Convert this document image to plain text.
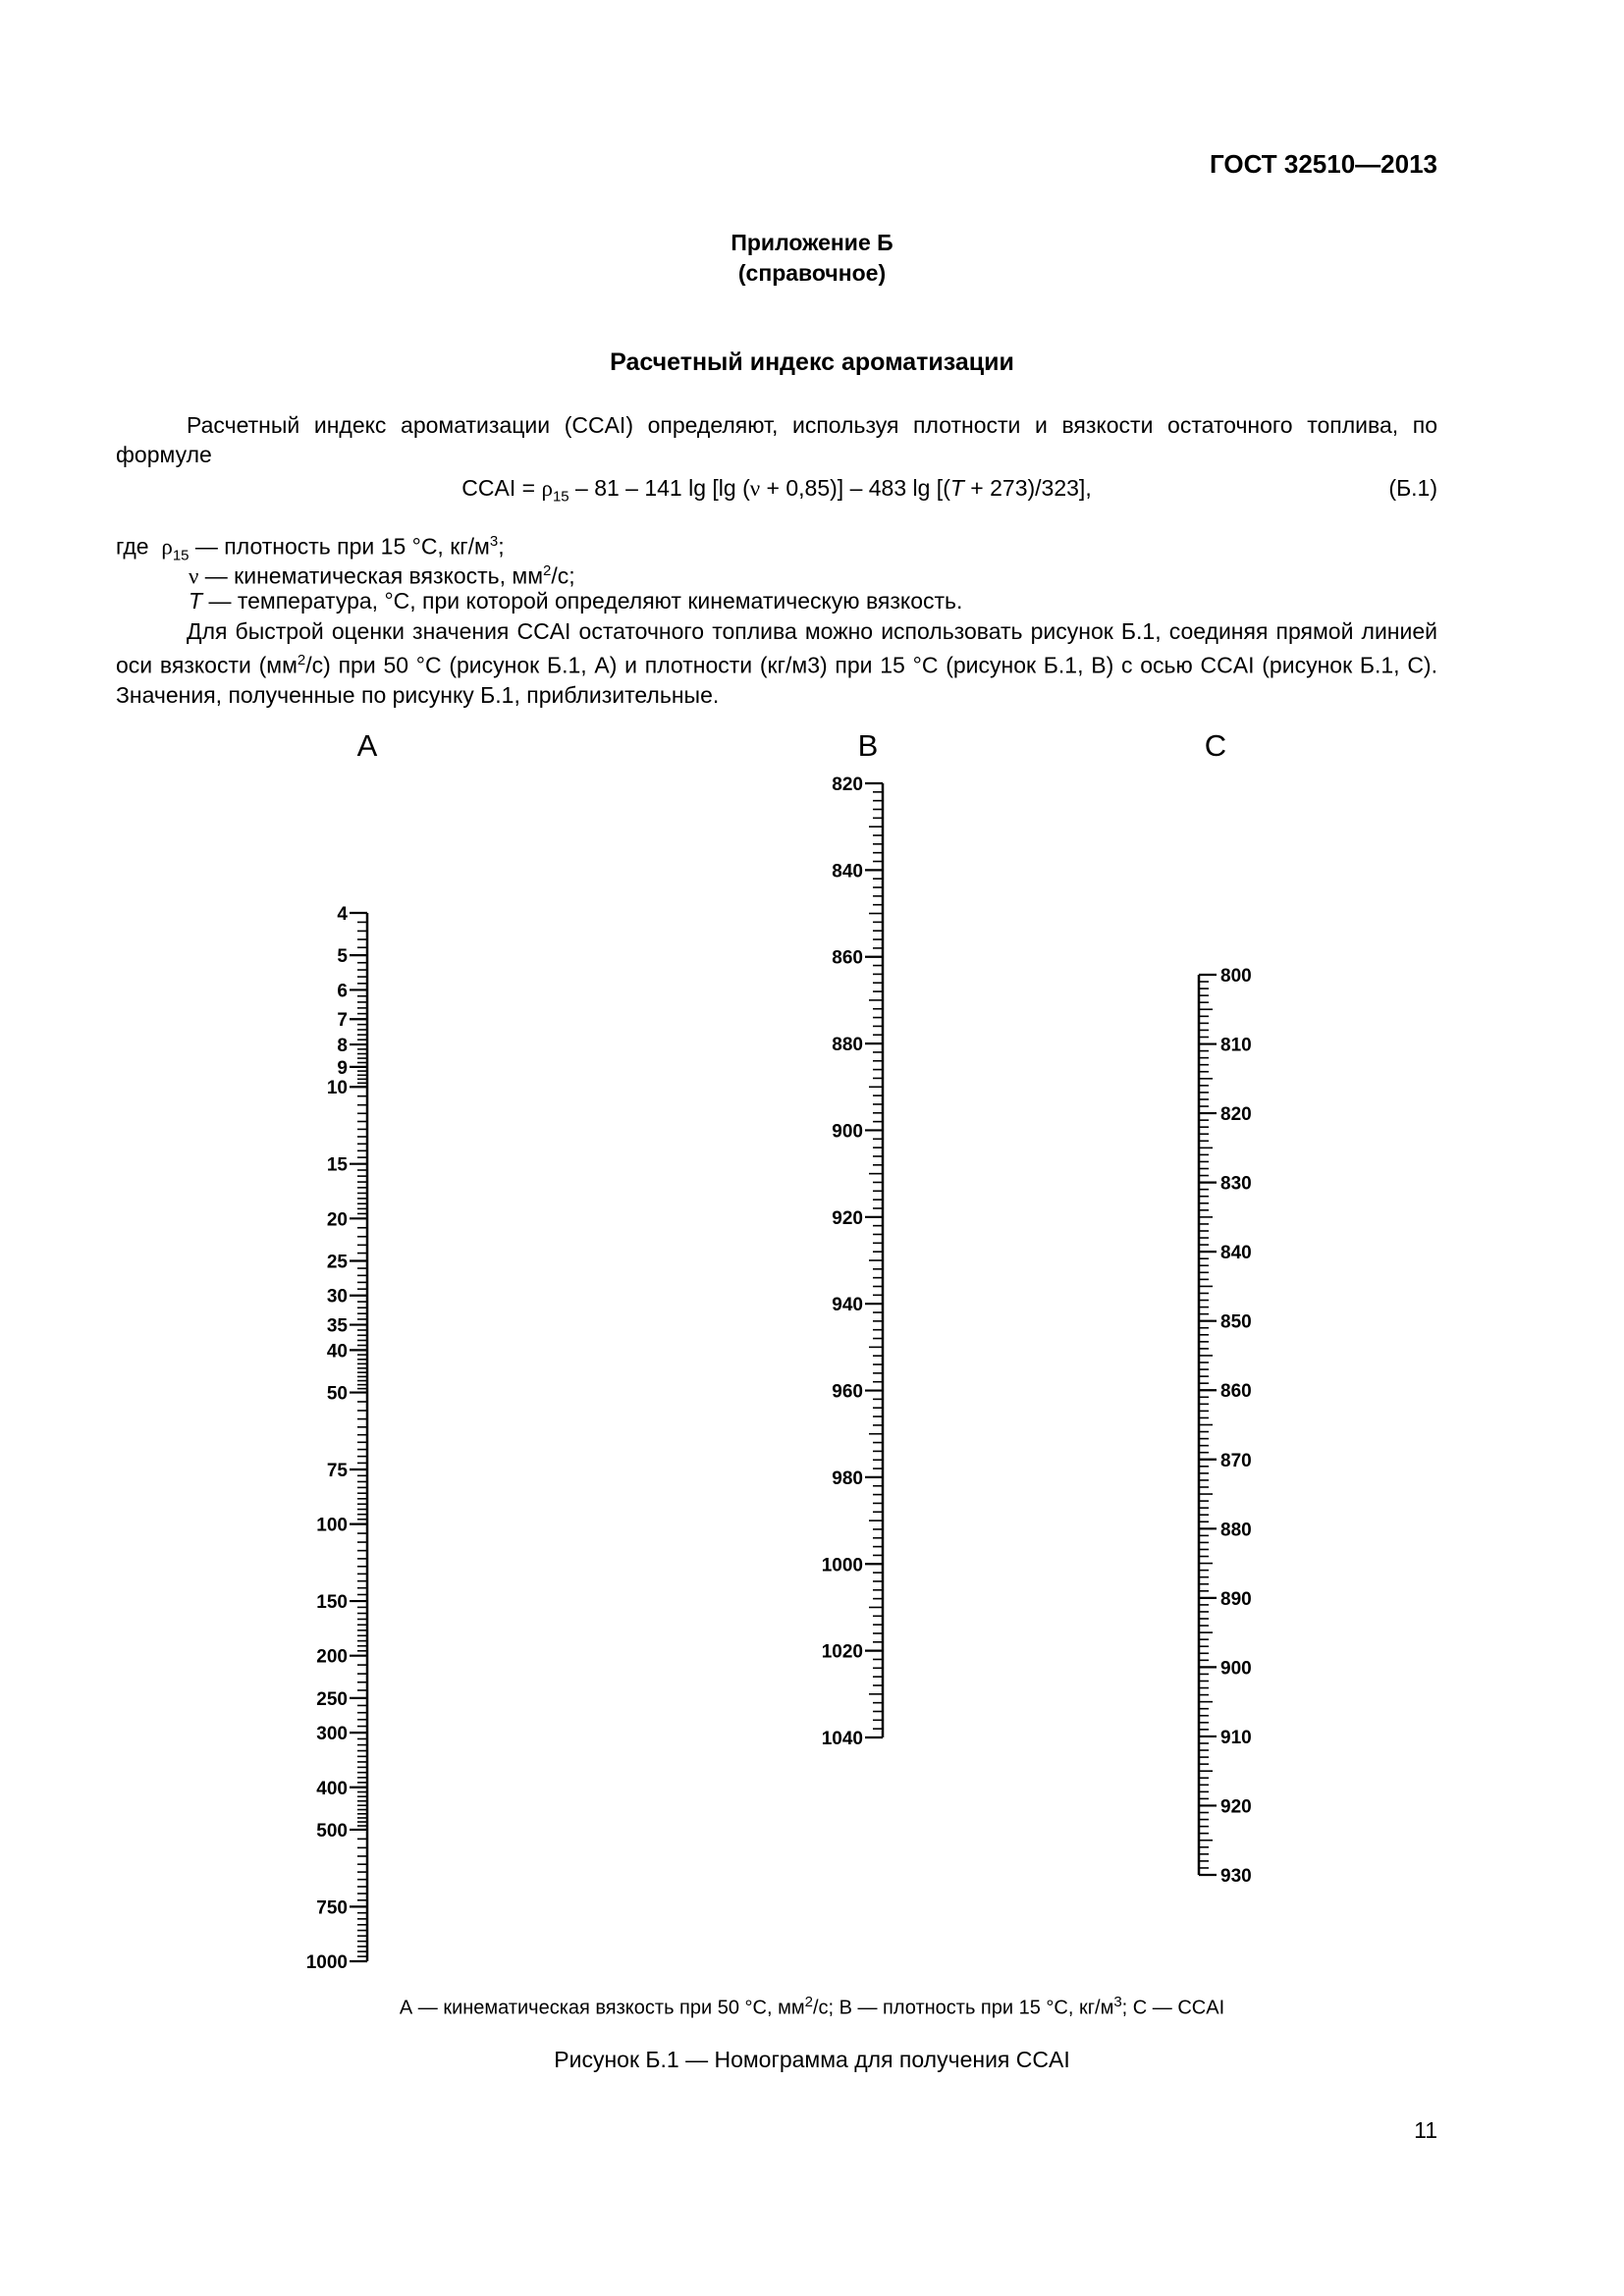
ГОСТ 32510—2013
Приложение Б
(справочное)
Расчетный индекс ароматизации
Расчетный индекс ароматизации (CCAI) определяют, используя плотности и вязкости остаточного топлива, по формуле
CCAI = $\rho_{15} - 81 - 141$ lg [lg (ν + 0,85)] – 483 lg [(T + 273)/323],	(Б.1)
где $\rho_{15}$ — плотность при 15 °С, $кг/м^3$;
ν — кинематическая вязкость, $мм^2/с$;
T — температура, °С, при которой определяют кинематическую вязкость.
Для быстрой оценки значения CCAI остаточного топлива можно использовать рисунок Б.1, соединяя прямой линией оси вязкости $(мм^2/с)$ при 50 °С (рисунок Б.1, А) и плотности (кг/м3) при 15 °С (рисунок Б.1, В) с осью CCAI (рисунок Б.1, С). Значения, полученные по рисунку Б.1, приблизительные.
A
4
5
6
7
8
9
10
15
20
25
30
35
40
50
75
100
150
200
250
300
400
500
750
1000
B
820
840
860
880
900
920
940
960
980
1000
1020
1040
C
800
810
820
830
840
850
860
870
880
890
900
910
920
930
А — кинематическая вязкость при 50 °С, $мм^2/с$; В — плотность при 15 °С, $кг/м^3$; С — CCAI
Рисунок Б.1 — Номограмма для получения CCAI
11
